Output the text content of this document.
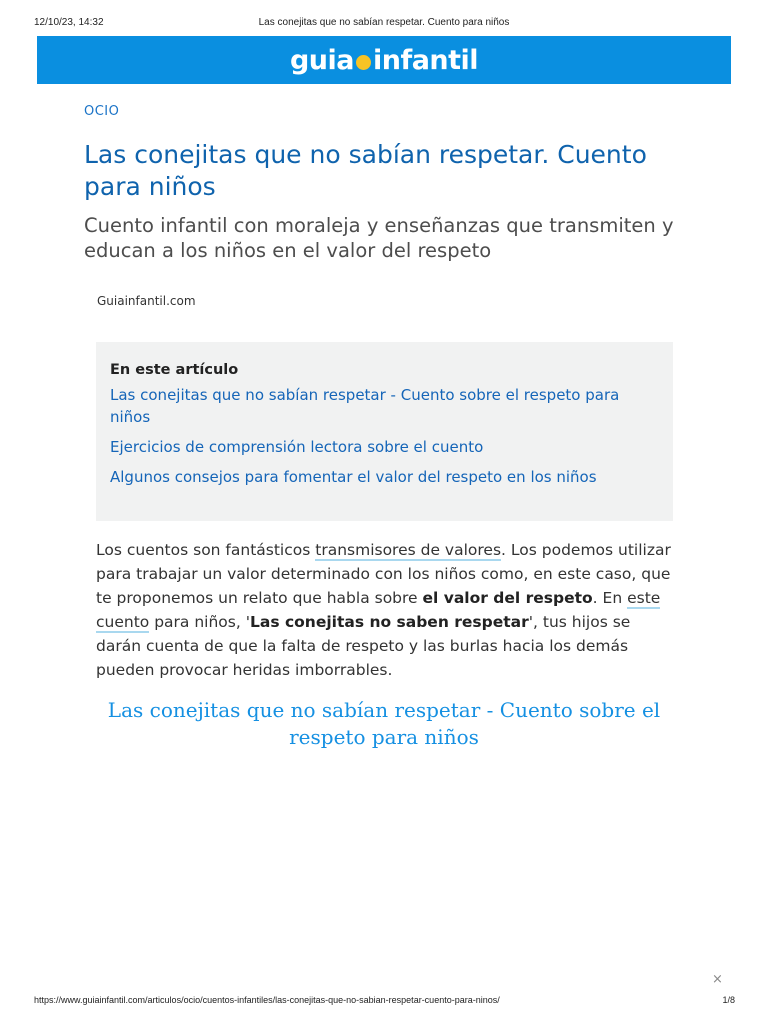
12/10/23, 14:32	Las conejitas que no sabían respetar. Cuento para niños
guia infantil
OCIO
Las conejitas que no sabían respetar. Cuento para niños
Cuento infantil con moraleja y enseñanzas que transmiten y educan a los niños en el valor del respeto
Guiainfantil.com
En este artículo
Las conejitas que no sabían respetar - Cuento sobre el respeto para niños
Ejercicios de comprensión lectora sobre el cuento
Algunos consejos para fomentar el valor del respeto en los niños

Los cuentos son fantásticos transmisores de valores. Los podemos utilizar para trabajar un valor determinado con los niños como, en este caso, que te proponemos un relato que habla sobre el valor del respeto. En este cuento para niños, 'Las conejitas no saben respetar', tus hijos se darán cuenta de que la falta de respeto y las burlas hacia los demás pueden provocar heridas imborrables.

Las conejitas que no sabían respetar - Cuento sobre el respeto para niños
×
https://www.guiainfantil.com/articulos/ocio/cuentos-infantiles/las-conejitas-que-no-sabian-respetar-cuento-para-ninos/	1/8
